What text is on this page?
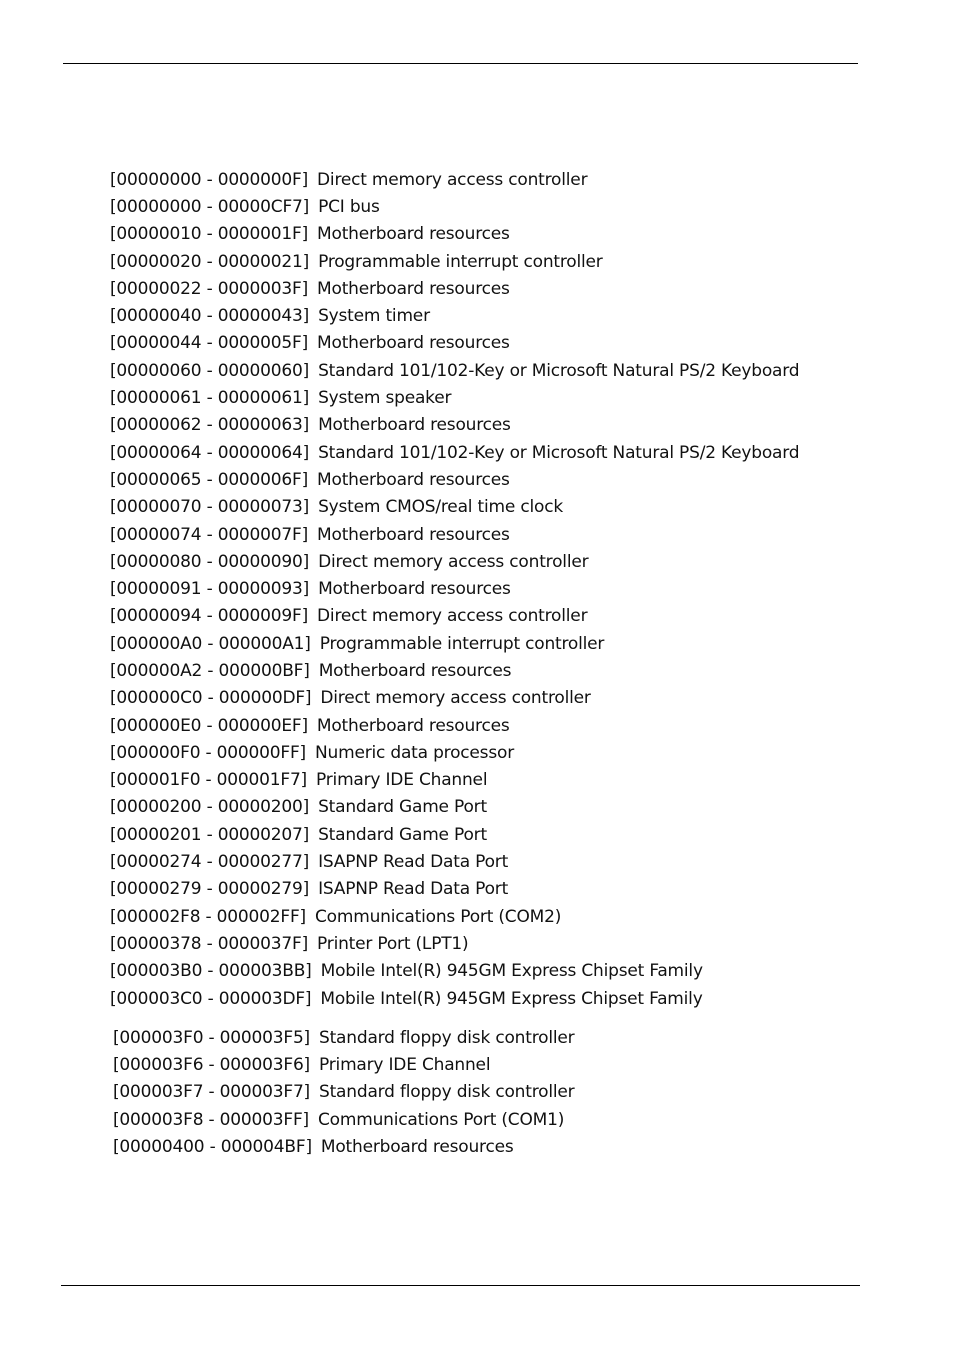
[00000000 - 0000000F] Direct memory access controller
[00000000 - 00000CF7] PCI bus
[00000010 - 0000001F] Motherboard resources
[00000020 - 00000021] Programmable interrupt controller
[00000022 - 0000003F] Motherboard resources
[00000040 - 00000043] System timer
[00000044 - 0000005F] Motherboard resources
[00000060 - 00000060] Standard 101/102-Key or Microsoft Natural PS/2 Keyboard
[00000061 - 00000061] System speaker
[00000062 - 00000063] Motherboard resources
[00000064 - 00000064] Standard 101/102-Key or Microsoft Natural PS/2 Keyboard
[00000065 - 0000006F] Motherboard resources
[00000070 - 00000073] System CMOS/real time clock
[00000074 - 0000007F] Motherboard resources
[00000080 - 00000090] Direct memory access controller
[00000091 - 00000093] Motherboard resources
[00000094 - 0000009F] Direct memory access controller
[000000A0 - 000000A1] Programmable interrupt controller
[000000A2 - 000000BF] Motherboard resources
[000000C0 - 000000DF] Direct memory access controller
[000000E0 - 000000EF] Motherboard resources
[000000F0 - 000000FF] Numeric data processor
[000001F0 - 000001F7] Primary IDE Channel
[00000200 - 00000200] Standard Game Port
[00000201 - 00000207] Standard Game Port
[00000274 - 00000277] ISAPNP Read Data Port
[00000279 - 00000279] ISAPNP Read Data Port
[000002F8 - 000002FF] Communications Port (COM2)
[00000378 - 0000037F] Printer Port (LPT1)
[000003B0 - 000003BB] Mobile Intel(R) 945GM Express Chipset Family
[000003C0 - 000003DF] Mobile Intel(R) 945GM Express Chipset Family
[000003F0 - 000003F5] Standard floppy disk controller
[000003F6 - 000003F6] Primary IDE Channel
[000003F7 - 000003F7] Standard floppy disk controller
[000003F8 - 000003FF] Communications Port (COM1)
[00000400 - 000004BF] Motherboard resources
